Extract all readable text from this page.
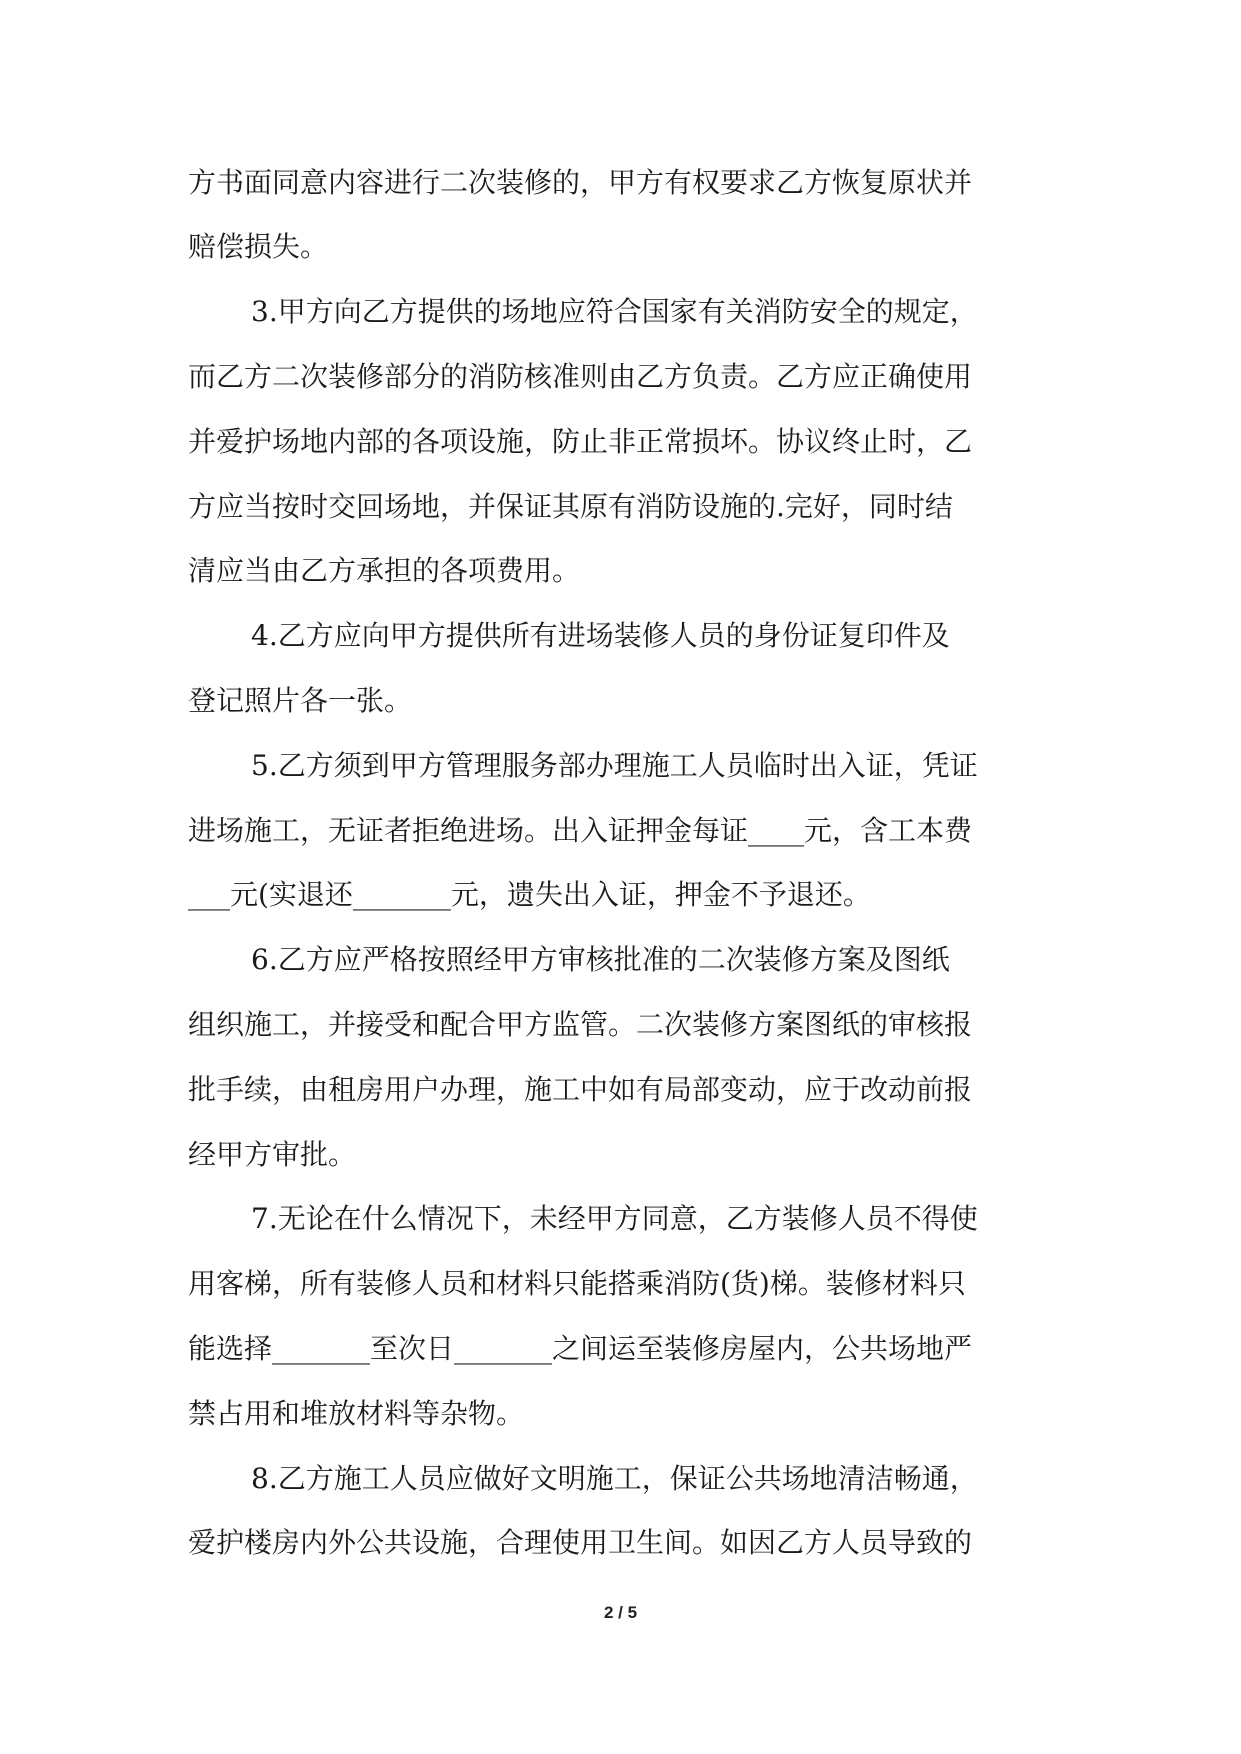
方书面同意内容进行二次装修的，甲方有权要求乙方恢复原状并
赔偿损失。
3.甲方向乙方提供的场地应符合国家有关消防安全的规定，
而乙方二次装修部分的消防核准则由乙方负责。乙方应正确使用
并爱护场地内部的各项设施，防止非正常损坏。协议终止时，乙
方应当按时交回场地，并保证其原有消防设施的.完好，同时结
清应当由乙方承担的各项费用。
4.乙方应向甲方提供所有进场装修人员的身份证复印件及
登记照片各一张。
5.乙方须到甲方管理服务部办理施工人员临时出入证，凭证
进场施工，无证者拒绝进场。出入证押金每证____元，含工本费
___元(实退还_______元，遗失出入证，押金不予退还。
6.乙方应严格按照经甲方审核批准的二次装修方案及图纸
组织施工，并接受和配合甲方监管。二次装修方案图纸的审核报
批手续，由租房用户办理，施工中如有局部变动，应于改动前报
经甲方审批。
7.无论在什么情况下，未经甲方同意，乙方装修人员不得使
用客梯，所有装修人员和材料只能搭乘消防(货)梯。装修材料只
能选择_______至次日_______之间运至装修房屋内，公共场地严
禁占用和堆放材料等杂物。
8.乙方施工人员应做好文明施工，保证公共场地清洁畅通，
爱护楼房内外公共设施，合理使用卫生间。如因乙方人员导致的
2 / 5
